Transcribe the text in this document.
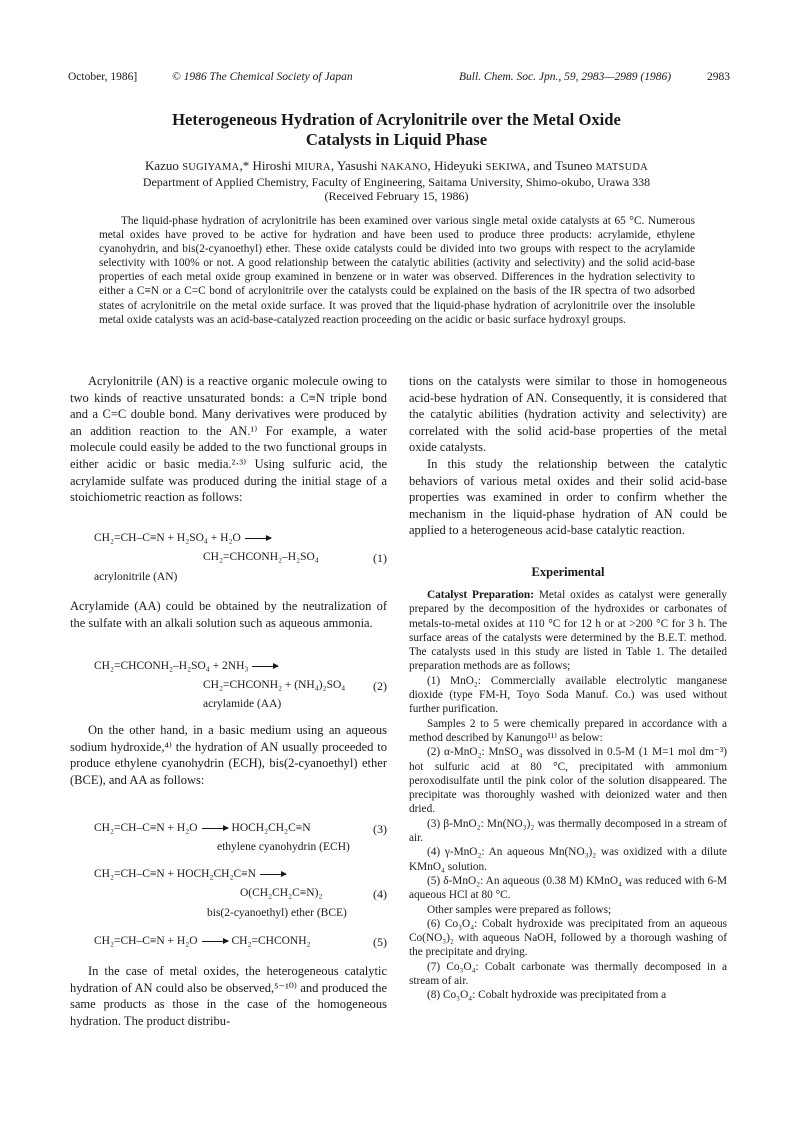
October, 1986]	© 1986 The Chemical Society of Japan	Bull. Chem. Soc. Jpn., 59, 2983—2989 (1986)	2983
Heterogeneous Hydration of Acrylonitrile over the Metal Oxide
Catalysts in Liquid Phase
Kazuo SUGIYAMA,* Hiroshi MIURA, Yasushi NAKANO, Hideyuki SEKIWA, and Tsuneo MATSUDA
Department of Applied Chemistry, Faculty of Engineering, Saitama University, Shimo-okubo, Urawa 338
(Received February 15, 1986)

The liquid-phase hydration of acrylonitrile has been examined over various single metal oxide catalysts at 65 °C. Numerous metal oxides have proved to be active for hydration and have been used to produce three products: acrylamide, ethylene cyanohydrin, and bis(2-cyanoethyl) ether. These oxide catalysts could be divided into two groups with respect to the acrylamide selectivity with 100% or not. A good relationship between the catalytic abilities (activity and selectivity) and the solid acid-base properties of each metal oxide group examined in benzene or in water was observed. Differences in the hydration selectivity to either a C≡N or a C=C bond of acrylonitrile over the catalysts could be explained on the basis of the IR spectra of two adsorbed states of acrylonitrile on the metal oxide surface. It was proved that the liquid-phase hydration of acrylonitrile over the insoluble metal oxide catalysts was an acid-base-catalyzed reaction proceeding on the acidic or basic surface hydroxyl groups.

Acrylonitrile (AN) is a reactive organic molecule owing to two kinds of reactive unsaturated bonds: a C≡N triple bond and a C=C double bond. Many derivatives were produced by an addition reaction to the AN.¹⁾ For example, a water molecule could easily be added to the two functional groups in either acidic or basic media.²·³⁾ Using sulfuric acid, the acrylamide sulfate was produced during the initial stage of a stoichiometric reaction as follows:

CH₂=CH–C≡N + H₂SO₄ + H₂O →
CH₂=CHCONH₂–H₂SO₄	(1)
acrylonitrile (AN)

Acrylamide (AA) could be obtained by the neutralization of the sulfate with an alkali solution such as aqueous ammonia.

CH₂=CHCONH₂–H₂SO₄ + 2NH₃ →
CH₂=CHCONH₂ + (NH₄)₂SO₄ (2)
acrylamide (AA)

On the other hand, in a basic medium using an aqueous sodium hydroxide,⁴⁾ the hydration of AN usually proceeded to produce ethylene cyanohydrin (ECH), bis(2-cyanoethyl) ether (BCE), and AA as follows:

CH₂=CH–C≡N + H₂O → HOCH₂CH₂C≡N	(3)
ethylene cyanohydrin (ECH)
CH₂=CH–C≡N + HOCH₂CH₂C≡N →
O(CH₂CH₂C≡N)₂	(4)
bis(2-cyanoethyl) ether (BCE)
CH₂=CH–C≡N + H₂O → CH₂=CHCONH₂	(5)

In the case of metal oxides, the heterogeneous catalytic hydration of AN could also be observed,⁵⁻¹⁰⁾ and produced the same products as those in the case of the homogeneous hydration. The product distribu-

tions on the catalysts were similar to those in homogeneous acid-bese hydration of AN. Consequently, it is considered that the catalytic abilities (hydration activity and selectivity) are correlated with the solid acid-base properties of the metal oxide catalysts.

In this study the relationship between the catalytic behaviors of various metal oxides and their solid acid-base properties was examined in order to confirm whether the mechanism in the liquid-phase hydration of AN could be applied to a heterogeneous acid-base catalytic reaction.

Experimental

Catalyst Preparation: Metal oxides as catalyst were generally prepared by the decomposition of the hydroxides or carbonates of metals-to-metal oxides at 110 °C for 12 h or at >200 °C for 3 h. The surface areas of the catalysts were determined by the B.E.T. method. The catalysts used in this study are listed in Table 1. The detailed preparation methods are as follows;

(1) MnO₂: Commercially available electrolytic manganese dioxide (type FM-H, Toyo Soda Manuf. Co.) was used without further purification.

Samples 2 to 5 were chemically prepared in accordance with a method described by Kanungo¹¹⁾ as below:

(2) α-MnO₂: MnSO₄ was dissolved in 0.5-M (1 M=1 mol dm⁻³) hot sulfuric acid at 80 °C, precipitated with ammonium peroxodisulfate until the pink color of the solution disappeared. The precipitate was thoroughly washed with deionized water and then dried.

(3) β-MnO₂: Mn(NO₃)₂ was thermally decomposed in a stream of air.

(4) γ-MnO₂: An aqueous Mn(NO₃)₂ was oxidized with a dilute KMnO₄ solution.

(5) δ-MnO₂: An aqueous (0.38 M) KMnO₄ was reduced with 6-M aqueous HCl at 80 °C.

Other samples were prepared as follows;

(6) Co₃O₄: Cobalt hydroxide was precipitated from an aqueous Co(NO₃)₂ with aqueous NaOH, followed by a thorough washing of the precipitate and drying.

(7) Co₃O₄: Cobalt carbonate was thermally decomposed in a stream of air.

(8) Co₃O₄: Cobalt hydroxide was precipitated from a
